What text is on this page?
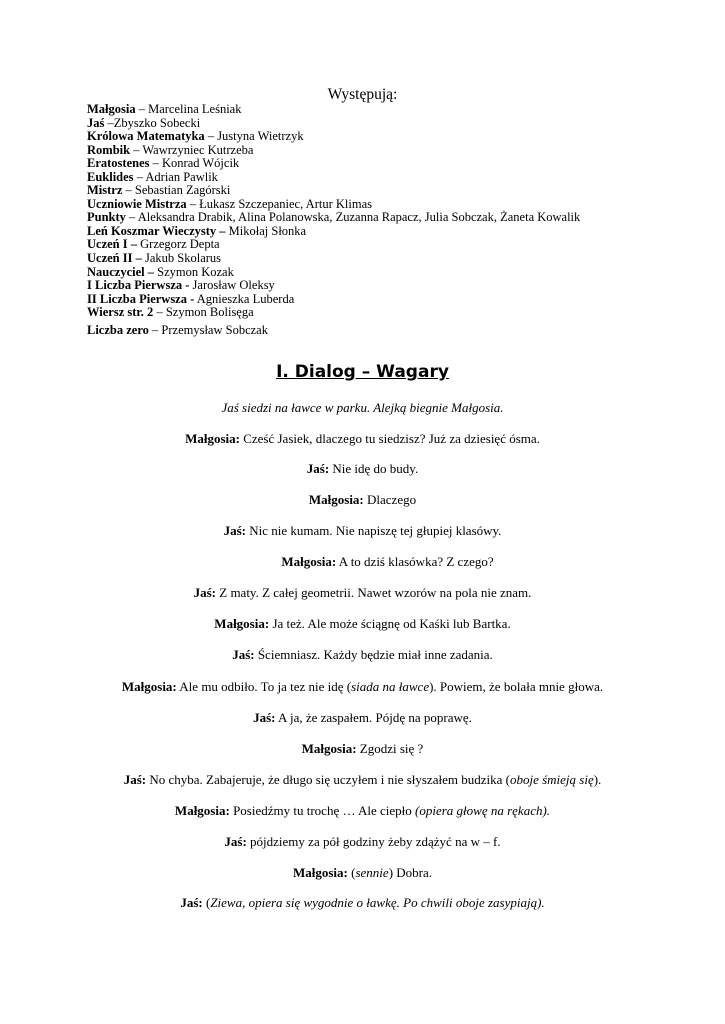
Występują:
Małgosia – Marcelina Leśniak
Jaś –Zbyszko Sobecki
Królowa Matematyka – Justyna Wietrzyk
Rombik – Wawrzyniec Kutrzeba
Eratostenes – Konrad Wójcik
Euklides – Adrian Pawlik
Mistrz – Sebastian Zagórski
Uczniowie Mistrza – Łukasz Szczepaniec, Artur Klimas
Punkty – Aleksandra Drabik, Alina Polanowska, Zuzanna Rapacz, Julia Sobczak, Żaneta Kowalik
Leń Koszmar Wieczysty – Mikołaj Słonka
Uczeń I – Grzegorz Depta
Uczeń II – Jakub Skolarus
Nauczyciel – Szymon Kozak
I Liczba Pierwsza - Jarosław Oleksy
II Liczba Pierwsza - Agnieszka Luberda
Wiersz str. 2 – Szymon Bolisęga
Liczba zero – Przemysław Sobczak
I. Dialog – Wagary
Jaś siedzi na ławce w parku. Alejką biegnie Małgosia.
Małgosia: Cześć Jasiek, dlaczego tu siedzisz? Już za dziesięć ósma.
Jaś: Nie idę do budy.
Małgosia: Dlaczego
Jaś: Nic nie kumam. Nie napiszę tej głupiej klasówy.
Małgosia: A to dziś klasówka? Z czego?
Jaś: Z maty. Z całej geometrii. Nawet wzorów na pola nie znam.
Małgosia: Ja też. Ale może ściągnę od Kaśki lub Bartka.
Jaś: Ściemniasz. Każdy będzie miał inne zadania.
Małgosia: Ale mu odbiło. To ja tez nie idę (siada na ławce). Powiem, że bolała mnie głowa.
Jaś: A ja, że zaspałem. Pójdę na poprawę.
Małgosia: Zgodzi się ?
Jaś: No chyba. Zabajeruje, że długo się uczyłem i nie słyszałem budzika (oboje śmieją się).
Małgosia: Posiedźmy tu trochę … Ale ciepło (opiera głowę na rękach).
Jaś: pójdziemy za pół godziny żeby zdążyć na w – f.
Małgosia: (sennie) Dobra.
Jaś: (Ziewa, opiera się wygodnie o ławkę. Po chwili oboje zasypiają).
